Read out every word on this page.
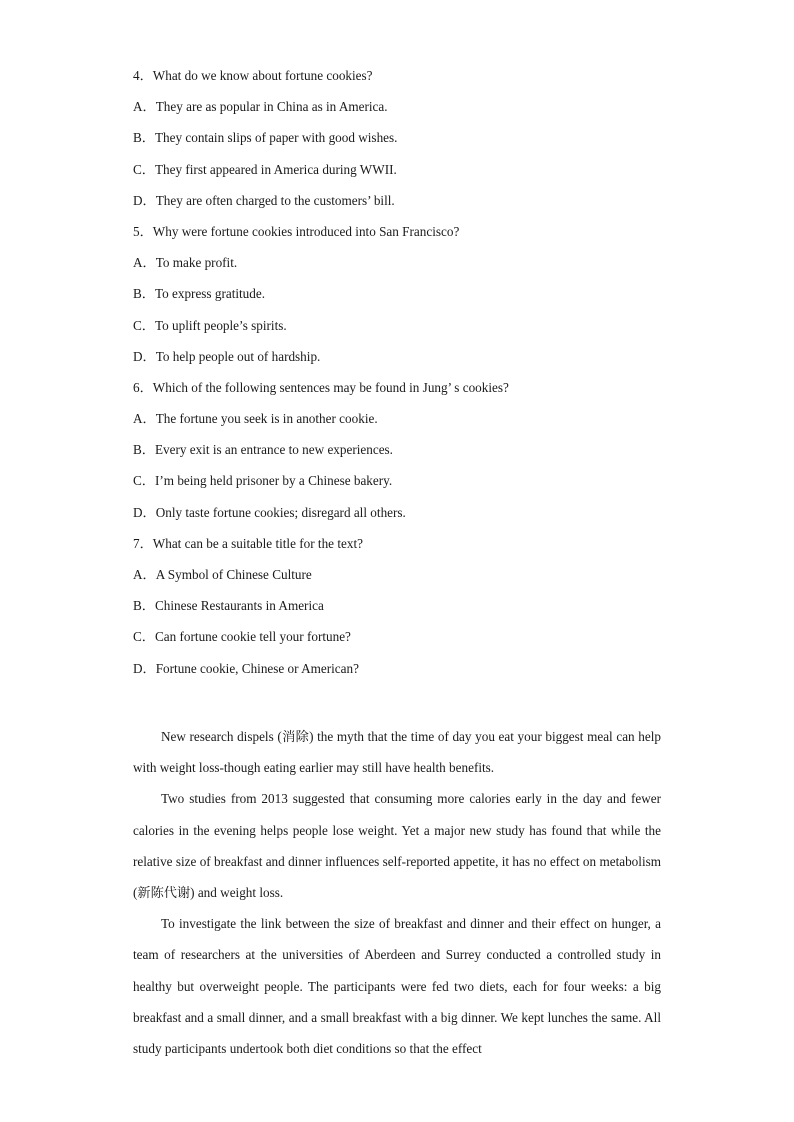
4．What do we know about fortune cookies?
A．They are as popular in China as in America.
B．They contain slips of paper with good wishes.
C．They first appeared in America during WWII.
D．They are often charged to the customers’ bill.
5．Why were fortune cookies introduced into San Francisco?
A．To make profit.
B．To express gratitude.
C．To uplift people’s spirits.
D．To help people out of hardship.
6．Which of the following sentences may be found in Jung’ s cookies?
A．The fortune you seek is in another cookie.
B．Every exit is an entrance to new experiences.
C．I’m being held prisoner by a Chinese bakery.
D．Only taste fortune cookies; disregard all others.
7．What can be a suitable title for the text?
A．A Symbol of Chinese Culture
B．Chinese Restaurants in America
C．Can fortune cookie tell your fortune?
D．Fortune cookie, Chinese or American?

New research dispels (消除) the myth that the time of day you eat your biggest meal can help with weight loss-though eating earlier may still have health benefits.

Two studies from 2013 suggested that consuming more calories early in the day and fewer calories in the evening helps people lose weight. Yet a major new study has found that while the relative size of breakfast and dinner influences self-reported appetite, it has no effect on metabolism (新陈代谢) and weight loss.

To investigate the link between the size of breakfast and dinner and their effect on hunger, a team of researchers at the universities of Aberdeen and Surrey conducted a controlled study in healthy but overweight people. The participants were fed two diets, each for four weeks: a big breakfast and a small dinner, and a small breakfast with a big dinner. We kept lunches the same. All study participants undertook both diet conditions so that the effect
